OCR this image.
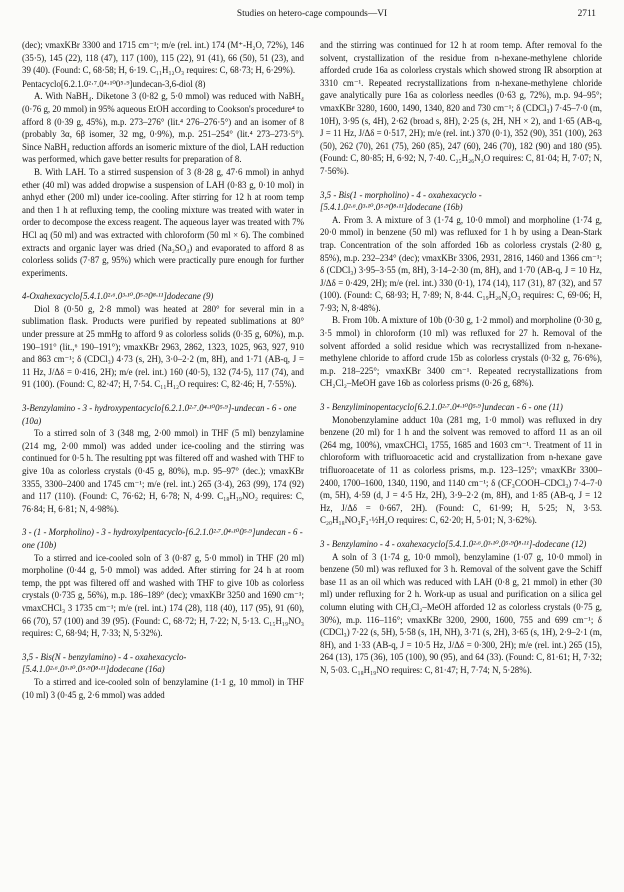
Studies on hetero-cage compounds—VI	2711

(dec); νmaxKBr 3300 and 1715 cm⁻¹; m/e (rel. int.) 174 (M⁺-H₂O, 72%), 146 (35·5), 145 (22), 118 (47), 117 (100), 115 (22), 91 (41), 66 (50), 51 (23), and 39 (40). (Found: C, 68·58; H, 6·19. C₁₁H₁₂O₃ requires: C, 68·73; H, 6·29%).

Pentacyclo[6.2.1.0²·⁷.0⁴·¹⁰0⁵·⁹]undecan-3,6-diol (8)

A. With NaBH₄. Diketone 3 (0·82 g, 5·0 mmol) was reduced with NaBH₄ (0·76 g, 20 mmol) in 95% aqueous EtOH according to Cookson's procedure⁴ to afford 8 (0·39 g, 45%), m.p. 273–276° (lit.⁴ 276–276·5°) and an isomer of 8 (probably 3α, 6β isomer, 32 mg, 0·9%), m.p. 251–254° (lit.⁴ 273–273·5°). Since NaBH₄ reduction affords an isomeric mixture of the diol, LAH reduction was performed, which gave better results for preparation of 8.

B. With LAH. To a stirred suspension of 3 (8·28 g, 47·6 mmol) in anhyd ether (40 ml) was added dropwise a suspension of LAH (0·83 g, 0·10 mol) in anhyd ether (200 ml) under ice-cooling. After stirring for 12 h at room temp and then 1 h at refluxing temp, the cooling mixture was treated with water in order to decompose the excess reagent. The aqueous layer was treated with 7% HCl aq (50 ml) and was extracted with chloroform (50 ml × 6). The combined extracts and organic layer was dried (Na₂SO₄) and evaporated to afford 8 as colorless solids (7·87 g, 95%) which were practically pure enough for further experiments.

4-Oxahexacyclo[5.4.1.0²·⁶.0³·¹⁰.0⁵·⁹0⁸·¹¹]dodecane (9)

Diol 8 (0·50 g, 2·8 mmol) was heated at 280° for several min in a sublimation flask. Products were purified by repeated sublimations at 80° under pressure at 25 mmHg to afford 9 as colorless solids (0·35 g, 60%), m.p. 190–191° (lit.,⁶ 190–191°); νmaxKBr 2963, 2862, 1323, 1025, 963, 927, 910 and 863 cm⁻¹; δ (CDCl₃) 4·73 (s, 2H), 3·0–2·2 (m, 8H), and 1·71 (AB-q, J = 11 Hz, J/Δδ = 0·416, 2H); m/e (rel. int.) 160 (40·5), 132 (74·5), 117 (74), and 91 (100). (Found: C, 82·47; H, 7·54. C₁₁H₁₂O requires: C, 82·46; H, 7·55%).

3-Benzylamino - 3 - hydroxypentacyclo[6.2.1.0²·⁷.0⁴·¹⁰0⁵·⁹]-undecan - 6 - one (10a)

To a stirred soln of 3 (348 mg, 2·00 mmol) in THF (5 ml) benzylamine (214 mg, 2·00 mmol) was added under ice-cooling and the stirring was continued for 0·5 h. The resulting ppt was filtered off and washed with THF to give 10a as colorless crystals (0·45 g, 80%), m.p. 95–97° (dec.); νmaxKBr 3355, 3300–2400 and 1745 cm⁻¹; m/e (rel. int.) 265 (3·4), 263 (99), 174 (92) and 117 (110). (Found: C, 76·62; H, 6·78; N, 4·99. C₁₈H₁₉NO₂ requires: C, 76·84; H, 6·81; N, 4·98%).

3 - (1 - Morpholino) - 3 - hydroxylpentacyclo-[6.2.1.0²·⁷.0⁴·¹⁰0⁵·⁹]undecan - 6 - one (10b)

To a stirred and ice-cooled soln of 3 (0·87 g, 5·0 mmol) in THF (20 ml) morpholine (0·44 g, 5·0 mmol) was added. After stirring for 24 h at room temp, the ppt was filtered off and washed with THF to give 10b as colorless crystals (0·735 g, 56%), m.p. 186–189° (dec); νmaxKBr 3250 and 1690 cm⁻¹; νmaxCHCl₃ 3 1735 cm⁻¹; m/e (rel. int.) 174 (28), 118 (40), 117 (95), 91 (60), 66 (70), 57 (100) and 39 (95). (Found: C, 68·72; H, 7·22; N, 5·13. C₁₅H₁₉NO₃ requires: C, 68·94; H, 7·33; N, 5·32%).

3,5 - Bis(N - benzylamino) - 4 - oxahexacyclo-[5.4.1.0²·⁶.0³·¹⁰.0⁵·⁹0⁸·¹¹]dodecane (16a)

To a stirred and ice-cooled soln of benzylamine (1·1 g, 10 mmol) in THF (10 ml) 3 (0·45 g, 2·6 mmol) was added

and the stirring was continued for 12 h at room temp. After removal fo the solvent, crystallization of the residue from n-hexane-methylene chloride afforded crude 16a as colorless crystals which showed strong IR absorption at 3310 cm⁻¹. Repeated recrystallizations from n-hexane-methylene chloride gave analytically pure 16a as colorless needles (0·63 g, 72%), m.p. 94–95°; νmaxKBr 3280, 1600, 1490, 1340, 820 and 730 cm⁻¹; δ (CDCl₃) 7·45–7·0 (m, 10H), 3·95 (s, 4H), 2·62 (broad s, 8H), 2·25 (s, 2H, NH × 2), and 1·65 (AB-q, J = 11 Hz, J/Δδ = 0·517, 2H); m/e (rel. int.) 370 (0·1), 352 (90), 351 (100), 263 (50), 262 (70), 261 (75), 260 (85), 247 (60), 246 (70), 182 (90) and 180 (95). (Found: C, 80·85; H, 6·92; N, 7·40. C₂₅H₂₆N₂O requires: C, 81·04; H, 7·07; N, 7·56%).

3,5 - Bis(1 - morpholino) - 4 - oxahexacyclo - [5.4.1.0²·⁶.0³·¹⁰.0⁵·⁹0⁸·¹¹]dodecane (16b)

A. From 3. A mixture of 3 (1·74 g, 10·0 mmol) and morpholine (1·74 g, 20·0 mmol) in benzene (50 ml) was refluxed for 1 h by using a Dean-Stark trap. Concentration of the soln afforded 16b as colorless crystals (2·80 g, 85%), m.p. 232–234° (dec); νmaxKBr 3306, 2931, 2816, 1460 and 1366 cm⁻¹; δ (CDCl₃) 3·95–3·55 (m, 8H), 3·14–2·30 (m, 8H), and 1·70 (AB-q, J = 10 Hz, J/Δδ = 0·429, 2H); m/e (rel. int.) 330 (0·1), 174 (14), 117 (31), 87 (32), and 57 (100). (Found: C, 68·93; H, 7·89; N, 8·44. C₁₉H₂₆N₂O₃ requires: C, 69·06; H, 7·93; N, 8·48%).

B. From 10b. A mixture of 10b (0·30 g, 1·2 mmol) and morpholine (0·30 g, 3·5 mmol) in chloroform (10 ml) was refluxed for 27 h. Removal of the solvent afforded a solid residue which was recrystallized from n-hexane-methylene chloride to afford crude 15b as colorless crystals (0·32 g, 76·6%), m.p. 218–225°; νmaxKBr 3400 cm⁻¹. Repeated recrystallizations from CH₂Cl₂–MeOH gave 16b as colorless prisms (0·26 g, 68%).

3 - Benzyliminopentacyclo[6.2.1.0²·⁷.0⁴·¹⁰0⁵·⁹]undecan - 6 - one (11)

Monobenzylamine adduct 10a (281 mg, 1·0 mmol) was refluxed in dry benzene (20 ml) for 1 h and the solvent was removed to afford 11 as an oil (264 mg, 100%), νmaxCHCl₃ 1755, 1685 and 1603 cm⁻¹. Treatment of 11 in chloroform with trifluoroacetic acid and crystallization from n-hexane gave trifluoroacetate of 11 as colorless prisms, m.p. 123–125°; νmaxKBr 3300–2400, 1700–1600, 1340, 1190, and 1140 cm⁻¹; δ (CF₃COOH–CDCl₃) 7·4–7·0 (m, 5H), 4·59 (d, J = 4·5 Hz, 2H), 3·9–2·2 (m, 8H), and 1·85 (AB-q, J = 12 Hz, J/Δδ = 0·667, 2H). (Found: C, 61·99; H, 5·25; N, 3·53. C₂₀H₁₈NO₃F₃·½H₂O requires: C, 62·20; H, 5·01; N, 3·62%).

3 - Benzylamino - 4 - oxahexacyclo[5.4.1.0²·⁶.0³·¹⁰.0⁵·⁹0⁸·¹¹]-dodecane (12)

A soln of 3 (1·74 g, 10·0 mmol), benzylamine (1·07 g, 10·0 mmol) in benzene (50 ml) was refluxed for 3 h. Removal of the solvent gave the Schiff base 11 as an oil which was reduced with LAH (0·8 g, 21 mmol) in ether (30 ml) under refluxing for 2 h. Work-up as usual and purification on a silica gel column eluting with CH₂Cl₂–MeOH afforded 12 as colorless crystals (0·75 g, 30%), m.p. 116–116°; νmaxKBr 3200, 2900, 1600, 755 and 699 cm⁻¹; δ (CDCl₃) 7·22 (s, 5H), 5·58 (s, 1H, NH), 3·71 (s, 2H), 3·65 (s, 1H), 2·9–2·1 (m, 8H), and 1·33 (AB-q, J = 10·5 Hz, J/Δδ = 0·300, 2H); m/e (rel. int.) 265 (15), 264 (13), 175 (36), 105 (100), 90 (95), and 64 (33). (Found: C, 81·61; H, 7·32; N, 5·03. C₁₈H₁₉NO requires: C, 81·47; H, 7·74; N, 5·28%).
